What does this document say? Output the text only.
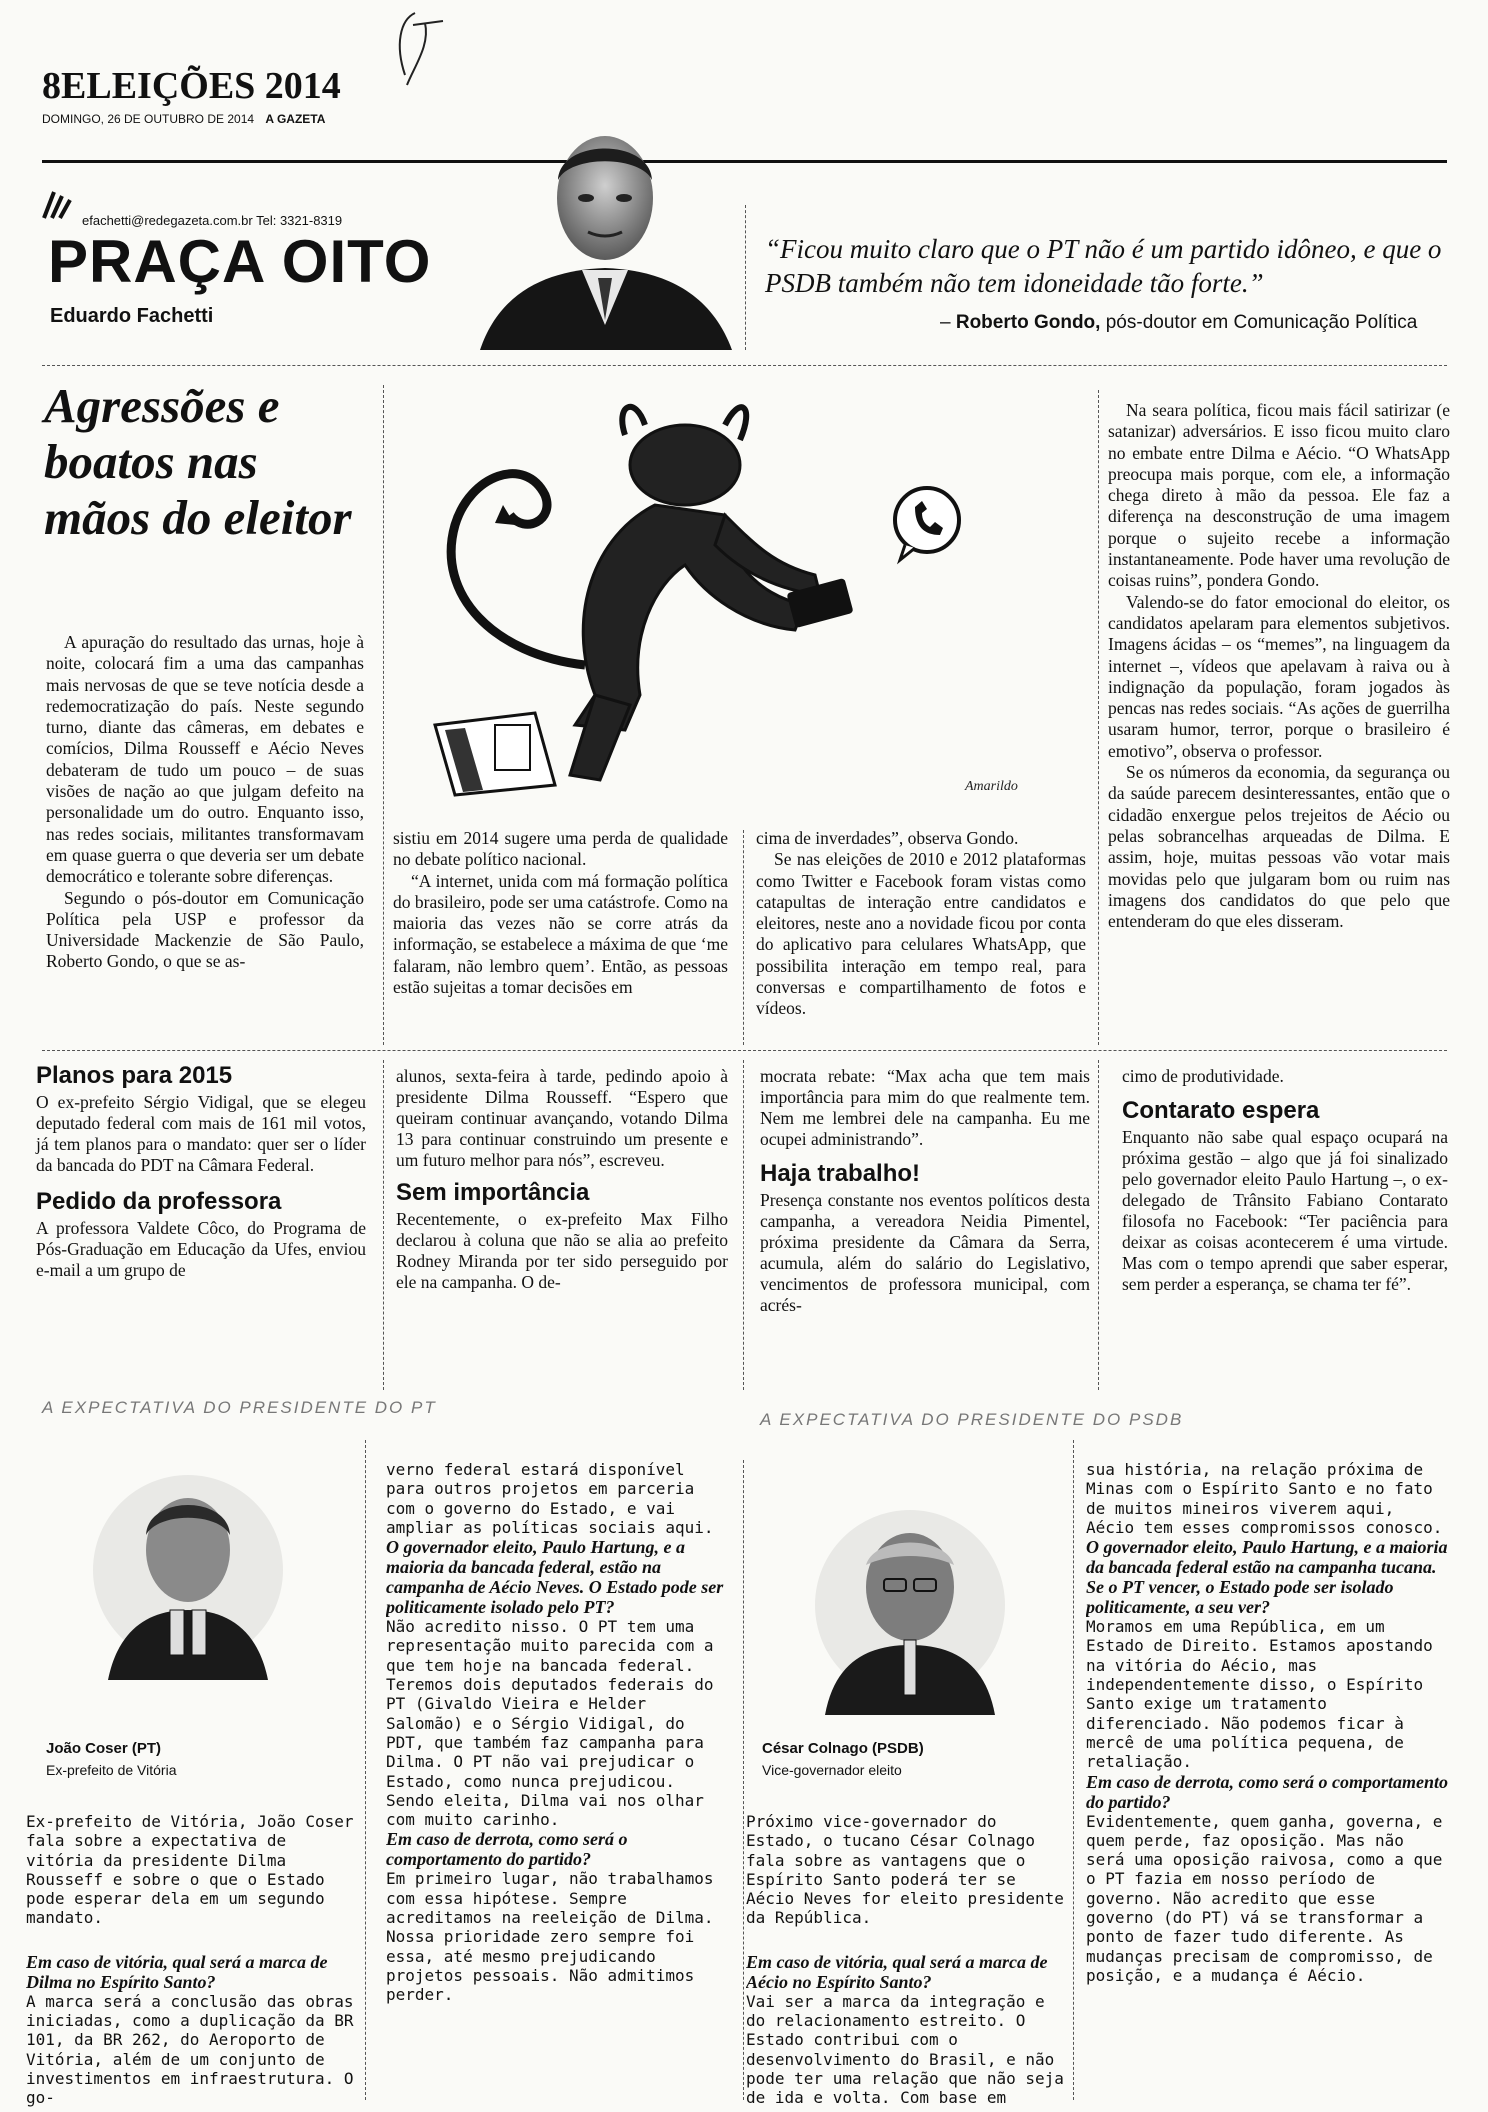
8ELEIÇÕES 2014
DOMINGO, 26 DE OUTUBRO DE 2014 A GAZETA
efachetti@redegazeta.com.br Tel: 3321-8319
PRAÇA OITO
Eduardo Fachetti
“Ficou muito claro que o PT não é um partido idôneo, e que o PSDB também não tem idoneidade tão forte.”
– Roberto Gondo, pós-doutor em Comunicação Política
Agressões e boatos nas mãos do eleitor
Amarildo

A apuração do resultado das urnas, hoje à noite, colocará fim a uma das campanhas mais nervosas de que se teve notícia desde a redemocratização do país. Neste segundo turno, diante das câmeras, em debates e comícios, Dilma Rousseff e Aécio Neves debateram de tudo um pouco – de suas visões de nação ao que julgam defeito na personalidade um do outro. Enquanto isso, nas redes sociais, militantes transformavam em quase guerra o que deveria ser um debate democrático e tolerante sobre diferenças.

Segundo o pós-doutor em Comunicação Política pela USP e professor da Universidade Mackenzie de São Paulo, Roberto Gondo, o que se as-

sistiu em 2014 sugere uma perda de qualidade no debate político nacional.

“A internet, unida com má formação política do brasileiro, pode ser uma catástrofe. Como na maioria das vezes não se corre atrás da informação, se estabelece a máxima de que ‘me falaram, não lembro quem’. Então, as pessoas estão sujeitas a tomar decisões em

cima de inverdades”, observa Gondo.

Se nas eleições de 2010 e 2012 plataformas como Twitter e Facebook foram vistas como catapultas de interação entre candidatos e eleitores, neste ano a novidade ficou por conta do aplicativo para celulares WhatsApp, que possibilita interação em tempo real, para conversas e compartilhamento de fotos e vídeos.

Na seara política, ficou mais fácil satirizar (e satanizar) adversários. E isso ficou muito claro no embate entre Dilma e Aécio. “O WhatsApp preocupa mais porque, com ele, a informação chega direto à mão da pessoa. Ele faz a diferença na desconstrução de uma imagem porque o sujeito recebe a informação instantaneamente. Pode haver uma revolução de coisas ruins”, pondera Gondo.

Valendo-se do fator emocional do eleitor, os candidatos apelaram para elementos subjetivos. Imagens ácidas – os “memes”, na linguagem da internet –, vídeos que apelavam à raiva ou à indignação da população, foram jogados às pencas nas redes sociais. “As ações de guerrilha usaram humor, terror, porque o brasileiro é emotivo”, observa o professor.

Se os números da economia, da segurança ou da saúde parecem desinteressantes, então que o cidadão enxergue pelos trejeitos de Aécio ou pelas sobrancelhas arqueadas de Dilma. E assim, hoje, muitas pessoas vão votar mais movidas pelo que julgaram bom ou ruim nas imagens dos candidatos do que pelo que entenderam do que eles disseram.

Planos para 2015
O ex-prefeito Sérgio Vidigal, que se elegeu deputado federal com mais de 161 mil votos, já tem planos para o mandato: quer ser o líder da bancada do PDT na Câmara Federal.
Pedido da professora
A professora Valdete Côco, do Programa de Pós-Graduação em Educação da Ufes, enviou e-mail a um grupo de
alunos, sexta-feira à tarde, pedindo apoio à presidente Dilma Rousseff. “Espero que queiram continuar avançando, votando Dilma 13 para continuar construindo um presente e um futuro melhor para nós”, escreveu.
Sem importância
Recentemente, o ex-prefeito Max Filho declarou à coluna que não se alia ao prefeito Rodney Miranda por ter sido perseguido por ele na campanha. O de-
mocrata rebate: “Max acha que tem mais importância para mim do que realmente tem. Nem me lembrei dele na campanha. Eu me ocupei administrando”.
Haja trabalho!
Presença constante nos eventos políticos desta campanha, a vereadora Neidia Pimentel, próxima presidente da Câmara da Serra, acumula, além do salário do Legislativo, vencimentos de professora municipal, com acrés-
cimo de produtividade.
Contarato espera
Enquanto não sabe qual espaço ocupará na próxima gestão – algo que já foi sinalizado pelo governador eleito Paulo Hartung –, o ex-delegado de Trânsito Fabiano Contarato filosofa no Facebook: “Ter paciência para deixar as coisas acontecerem é uma virtude. Mas com o tempo aprendi que saber esperar, sem perder a esperança, se chama ter fé”.
A EXPECTATIVA DO PRESIDENTE DO PT
A EXPECTATIVA DO PRESIDENTE DO PSDB
João Coser (PT)
Ex-prefeito de Vitória

Ex-prefeito de Vitória, João Coser fala sobre a expectativa de vitória da presidente Dilma Rousseff e sobre o que o Estado pode esperar dela em um segundo mandato.

Em caso de vitória, qual será a marca de Dilma no Espírito Santo?

A marca será a conclusão das obras iniciadas, como a duplicação da BR 101, da BR 262, do Aeroporto de Vitória, além de um conjunto de investimentos em infraestrutura. O go-

verno federal estará disponível para outros projetos em parceria com o governo do Estado, e vai ampliar as políticas sociais aqui.

O governador eleito, Paulo Hartung, e a maioria da bancada federal, estão na campanha de Aécio Neves. O Estado pode ser politicamente isolado pelo PT?

Não acredito nisso. O PT tem uma representação muito parecida com a que tem hoje na bancada federal. Teremos dois deputados federais do PT (Givaldo Vieira e Helder Salomão) e o Sérgio Vidigal, do PDT, que também faz campanha para Dilma. O PT não vai prejudicar o Estado, como nunca prejudicou. Sendo eleita, Dilma vai nos olhar com muito carinho.

Em caso de derrota, como será o comportamento do partido?

Em primeiro lugar, não trabalhamos com essa hipótese. Sempre acreditamos na reeleição de Dilma. Nossa prioridade zero sempre foi essa, até mesmo prejudicando projetos pessoais. Não admitimos perder.

César Colnago (PSDB)
Vice-governador eleito

Próximo vice-governador do Estado, o tucano César Colnago fala sobre as vantagens que o Espírito Santo poderá ter se Aécio Neves for eleito presidente da República.

Em caso de vitória, qual será a marca de Aécio no Espírito Santo?

Vai ser a marca da integração e do relacionamento estreito. O Estado contribui com o desenvolvimento do Brasil, e não pode ter uma relação que não seja de ida e volta. Com base em

sua história, na relação próxima de Minas com o Espírito Santo e no fato de muitos mineiros viverem aqui, Aécio tem esses compromissos conosco.

O governador eleito, Paulo Hartung, e a maioria da bancada federal estão na campanha tucana. Se o PT vencer, o Estado pode ser isolado politicamente, a seu ver?

Moramos em uma República, em um Estado de Direito. Estamos apostando na vitória do Aécio, mas independentemente disso, o Espírito Santo exige um tratamento diferenciado. Não podemos ficar à mercê de uma política pequena, de retaliação.

Em caso de derrota, como será o comportamento do partido?

Evidentemente, quem ganha, governa, e quem perde, faz oposição. Mas não será uma oposição raivosa, como a que o PT fazia em nosso período de governo. Não acredito que esse governo (do PT) vá se transformar a ponto de fazer tudo diferente. As mudanças precisam de compromisso, de posição, e a mudança é Aécio.
